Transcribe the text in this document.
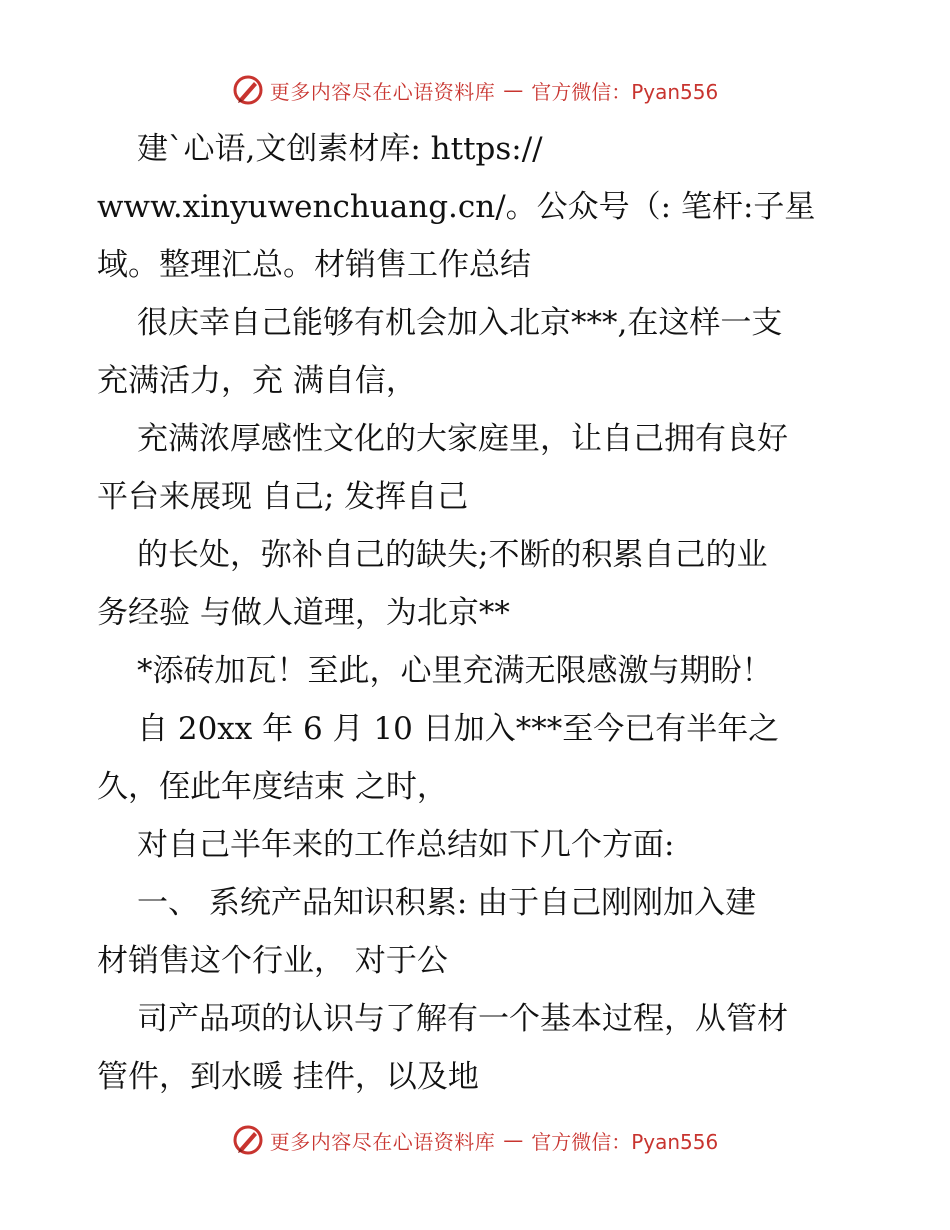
更多内容尽在心语资料库 — 官方微信：Pyan556
建`心语,文创素材库: https://
www.xinyuwenchuang.cn/。公众号（: 笔杆:子星
域。整理汇总。材销售工作总结
很庆幸自己能够有机会加入北京***,在这样一支
充满活力，充 满自信，
充满浓厚感性文化的大家庭里，让自己拥有良好
平台来展现 自己; 发挥自己
的长处，弥补自己的缺失;不断的积累自己的业
务经验 与做人道理，为北京**
*添砖加瓦！至此，心里充满无限感激与期盼！
自 20xx 年 6 月 10 日加入***至今已有半年之
久，侄此年度结束 之时，
对自己半年来的工作总结如下几个方面:
一、 系统产品知识积累: 由于自己刚刚加入建
材销售这个行业， 对于公
司产品项的认识与了解有一个基本过程，从管材
管件，到水暖 挂件，以及地
更多内容尽在心语资料库 — 官方微信：Pyan556
